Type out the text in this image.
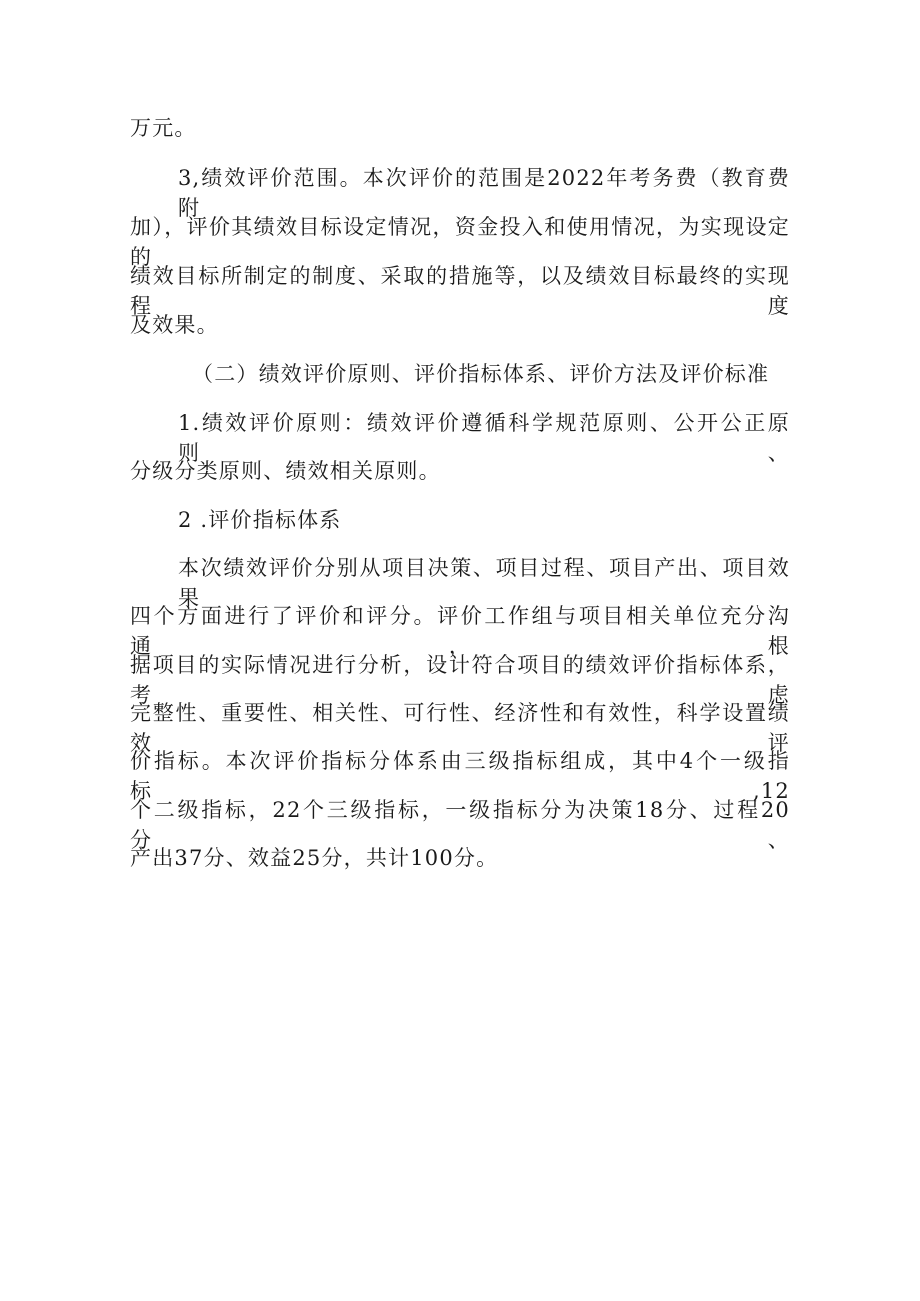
万元。
3,绩效评价范围。本次评价的范围是2022年考务费（教育费附
加），评价其绩效目标设定情况，资金投入和使用情况，为实现设定的
绩效目标所制定的制度、采取的措施等，以及绩效目标最终的实现程度
及效果。
（二）绩效评价原则、评价指标体系、评价方法及评价标准
1.绩效评价原则：绩效评价遵循科学规范原则、公开公正原则、
分级分类原则、绩效相关原则。
2 .评价指标体系
本次绩效评价分别从项目决策、项目过程、项目产出、项目效果
四个方面进行了评价和评分。评价工作组与项目相关单位充分沟通，根
据项目的实际情况进行分析，设计符合项目的绩效评价指标体系，考虑
完整性、重要性、相关性、可行性、经济性和有效性，科学设置绩效评
价指标。本次评价指标分体系由三级指标组成，其中4个一级指标,12
个二级指标，22个三级指标，一级指标分为决策18分、过程20分、
产出37分、效益25分，共计100分。
